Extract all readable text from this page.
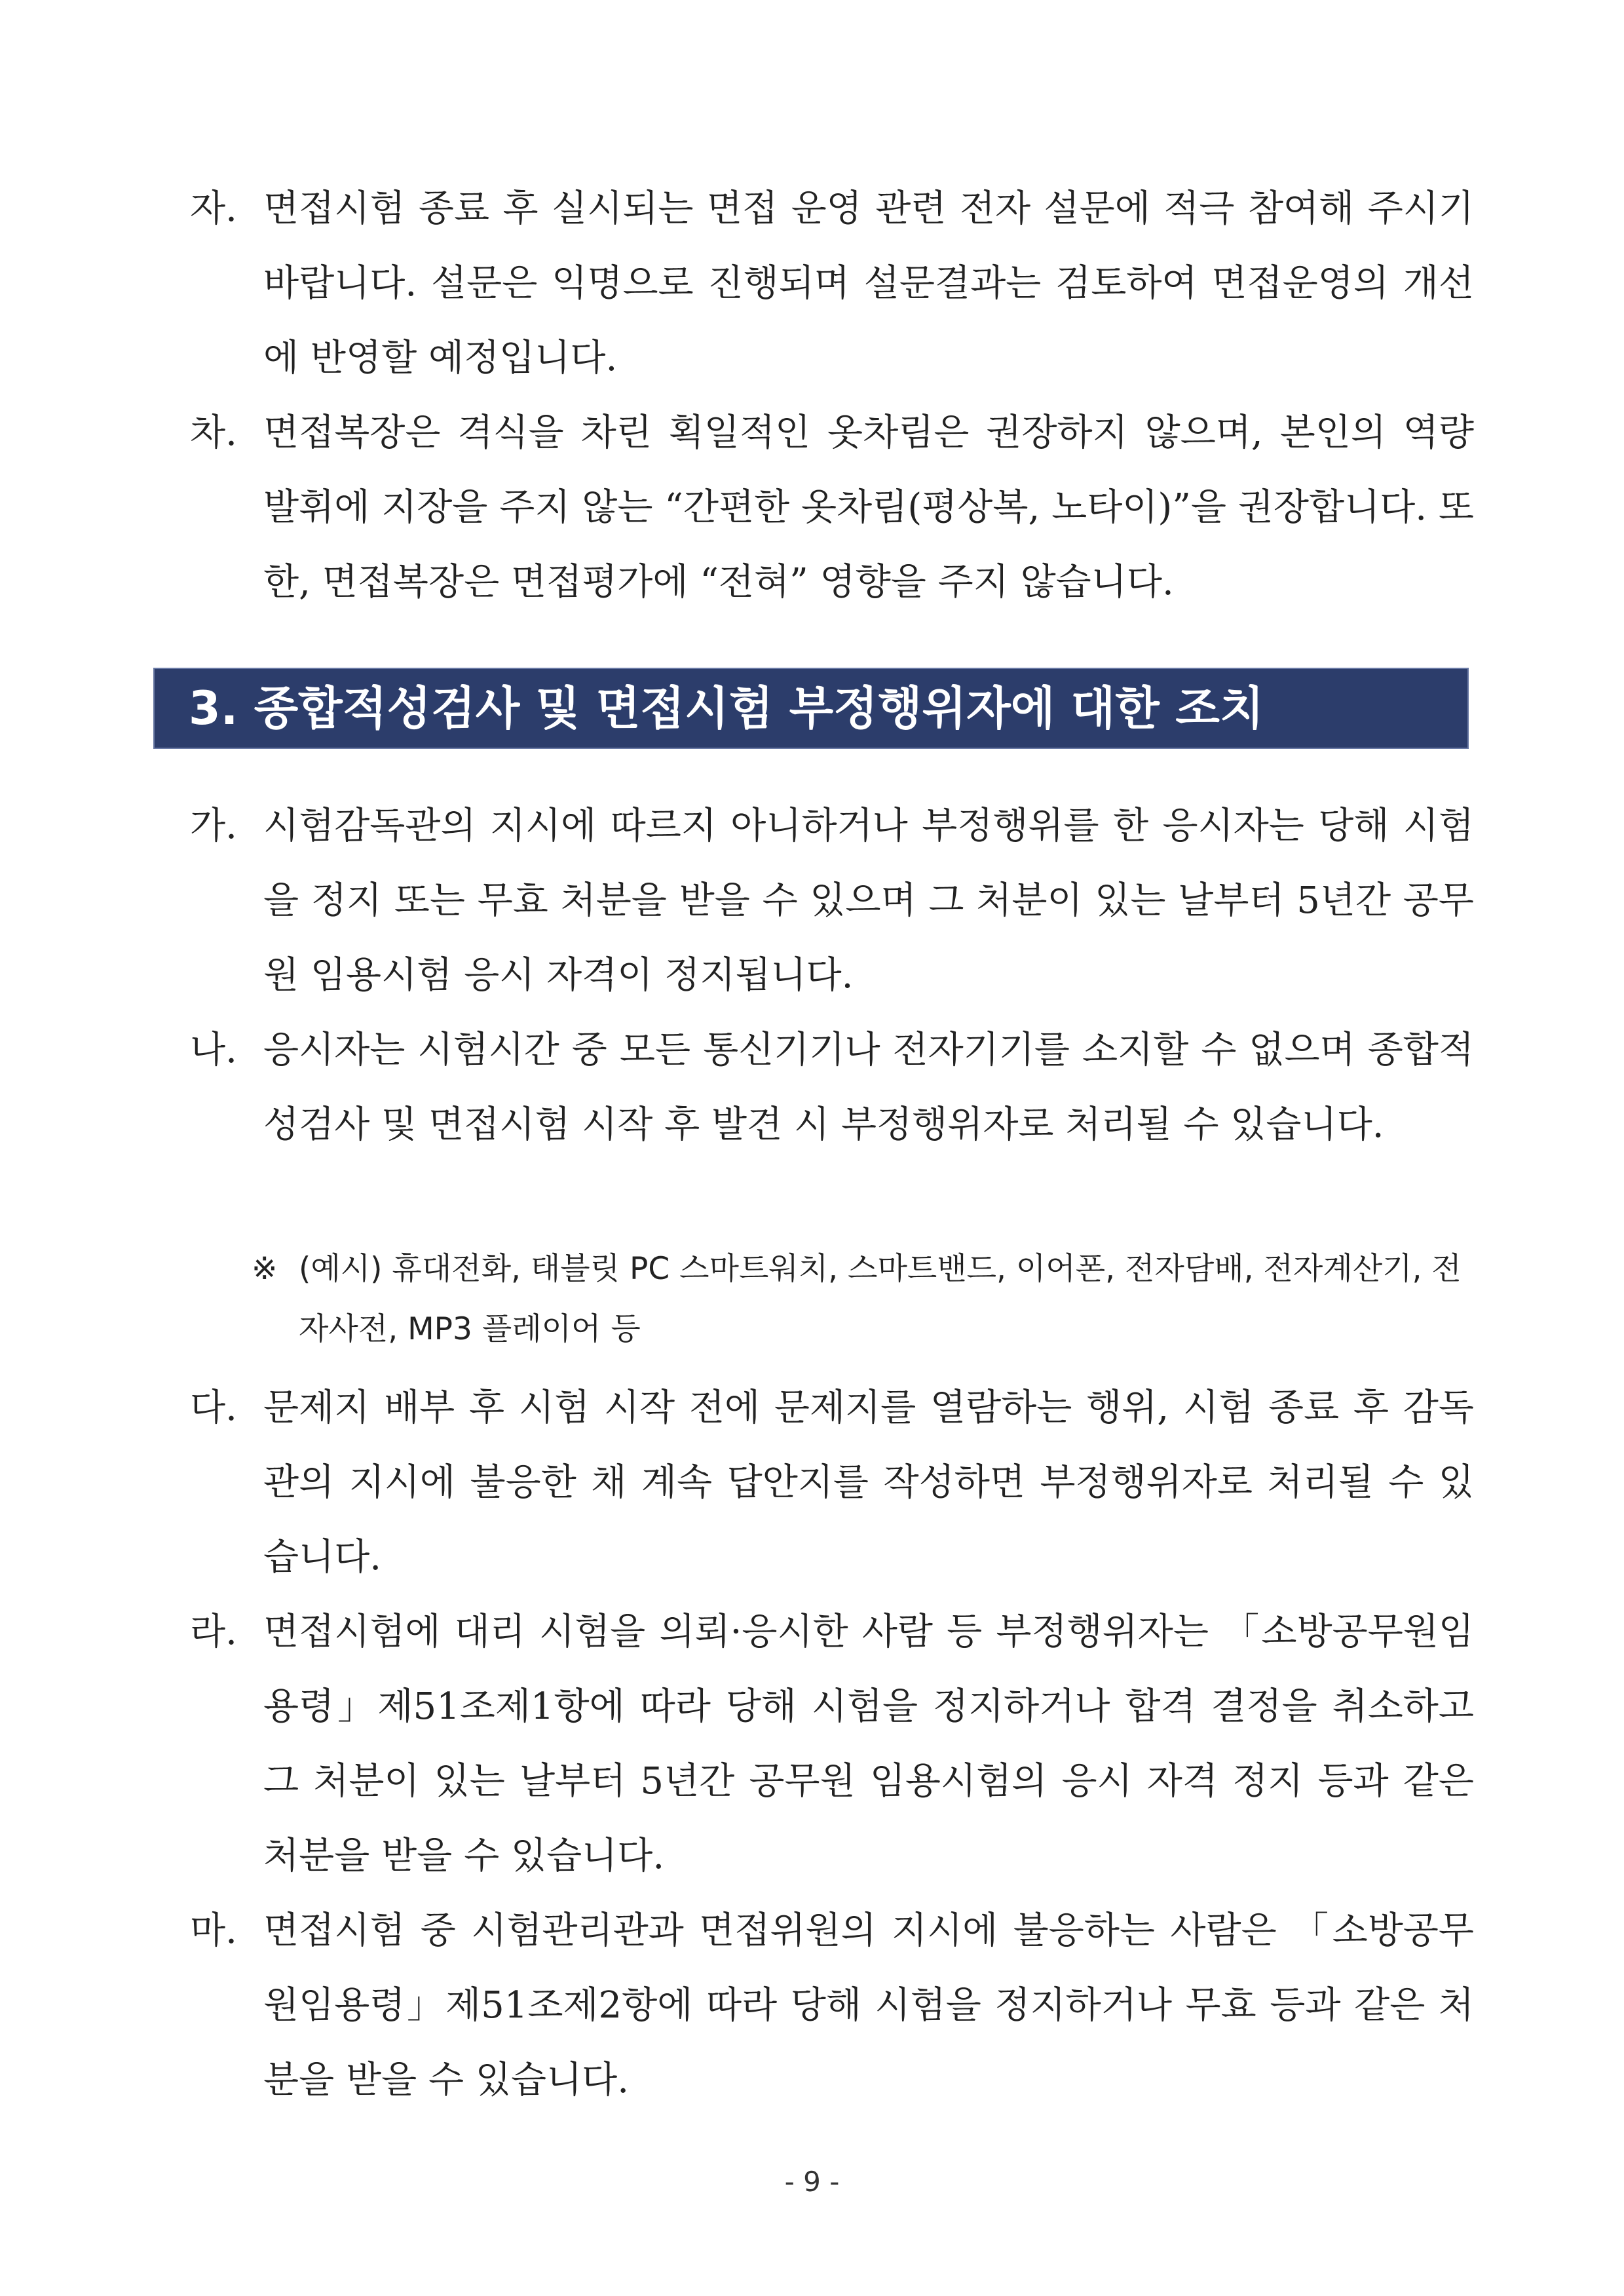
자. 면접시험 종료 후 실시되는 면접 운영 관련 전자 설문에 적극 참여해 주시기 바랍니다. 설문은 익명으로 진행되며 설문결과는 검토하여 면접운영의 개선에 반영할 예정입니다.
차. 면접복장은 격식을 차린 획일적인 옷차림은 권장하지 않으며, 본인의 역량 발휘에 지장을 주지 않는 “간편한 옷차림(평상복, 노타이)”을 권장합니다. 또한, 면접복장은 면접평가에 “전혀” 영향을 주지 않습니다.
3. 종합적성검사 및 면접시험 부정행위자에 대한 조치
가. 시험감독관의 지시에 따르지 아니하거나 부정행위를 한 응시자는 당해 시험을 정지 또는 무효 처분을 받을 수 있으며 그 처분이 있는 날부터 5년간 공무원 임용시험 응시 자격이 정지됩니다.
나. 응시자는 시험시간 중 모든 통신기기나 전자기기를 소지할 수 없으며 종합적성검사 및 면접시험 시작 후 발견 시 부정행위자로 처리될 수 있습니다.
※ (예시) 휴대전화, 태블릿 PC 스마트워치, 스마트밴드, 이어폰, 전자담배, 전자계산기, 전자사전, MP3 플레이어 등
다. 문제지 배부 후 시험 시작 전에 문제지를 열람하는 행위, 시험 종료 후 감독관의 지시에 불응한 채 계속 답안지를 작성하면 부정행위자로 처리될 수 있습니다.
라. 면접시험에 대리 시험을 의뢰·응시한 사람 등 부정행위자는 「소방공무원임용령」제51조제1항에 따라 당해 시험을 정지하거나 합격 결정을 취소하고 그 처분이 있는 날부터 5년간 공무원 임용시험의 응시 자격 정지 등과 같은 처분을 받을 수 있습니다.
마. 면접시험 중 시험관리관과 면접위원의 지시에 불응하는 사람은 「소방공무원임용령」제51조제2항에 따라 당해 시험을 정지하거나 무효 등과 같은 처분을 받을 수 있습니다.
- 9 -
